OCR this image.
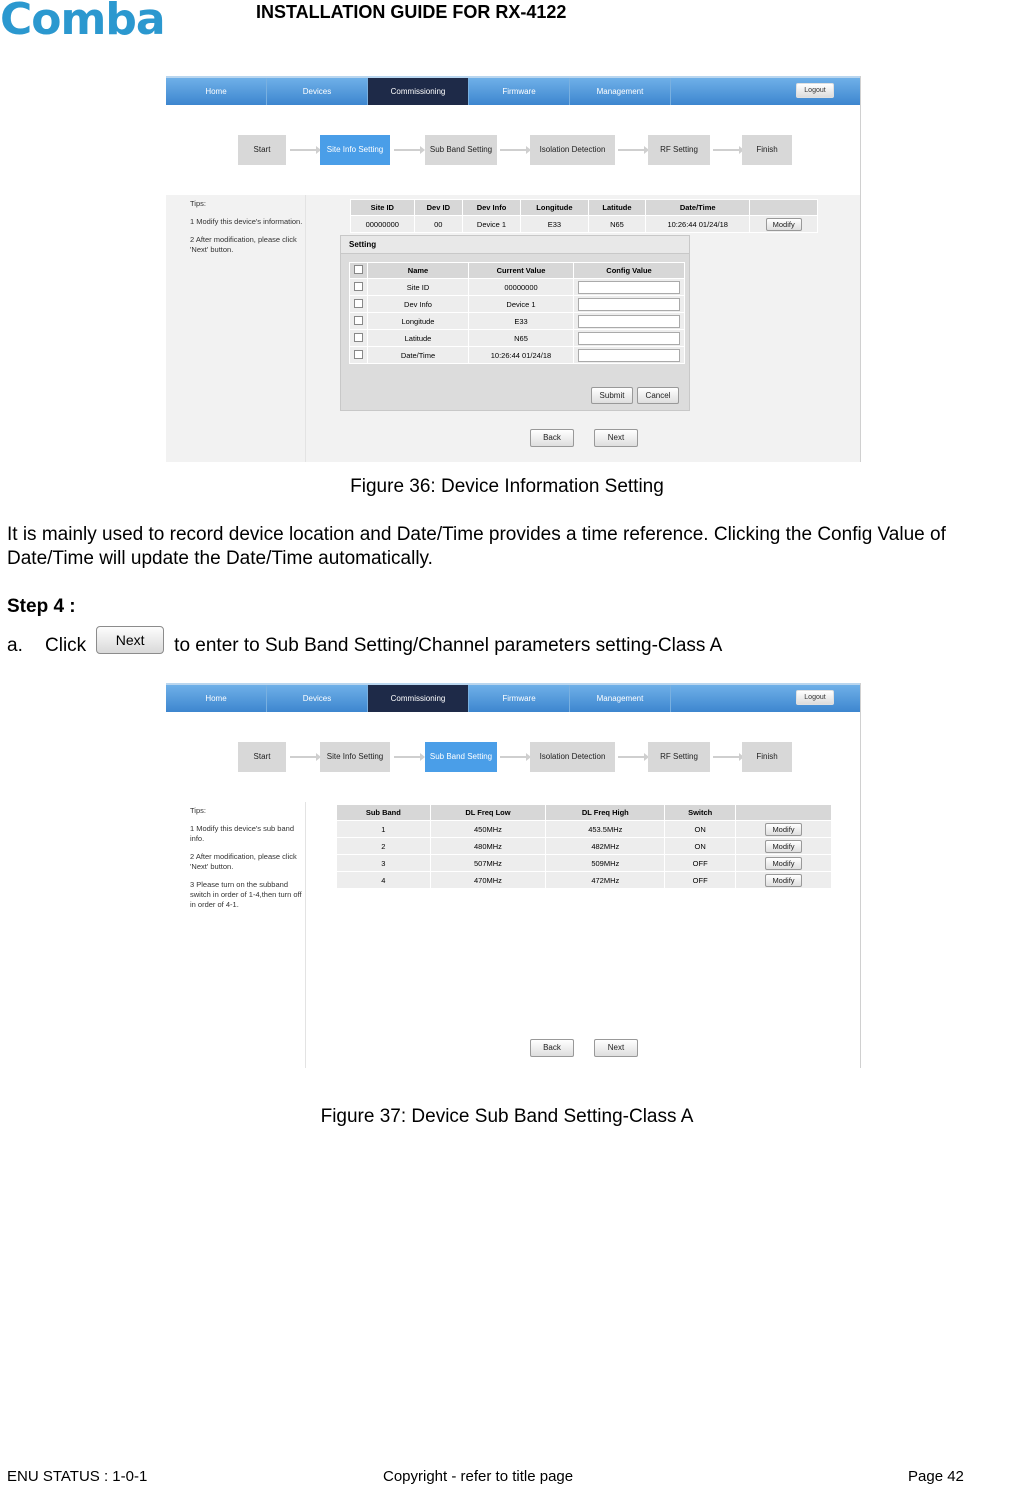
Comba	INSTALLATION GUIDE FOR RX-4122
Home	Devices	Commissioning	Firmware	Management	Logout
Start	Site Info Setting	Sub Band Setting	Isolation Detection	RF Setting	Finish

Tips:

1 Modify this device's information.

2 After modification, please click 'Next' button.

Site ID	Dev ID	Dev Info	Longitude	Latitude	Date/Time	
00000000	00	Device 1	E33	N65	10:26:44 01/24/18	Modify
Setting
	Name	Current Value	Config Value
	Site ID	00000000	
	Dev Info	Device 1	
	Longitude	E33	
	Latitude	N65	
	Date/Time	10:26:44 01/24/18	
Submit	Cancel
Back	Next
Figure 36: Device Information Setting
It is mainly used to record device location and Date/Time provides a time reference. Clicking the Config Value of Date/Time will update the Date/Time automatically.
Step 4 :
a.	Click	Next	to enter to Sub Band Setting/Channel parameters setting-Class A
Home	Devices	Commissioning	Firmware	Management	Logout
Start	Site Info Setting	Sub Band Setting	Isolation Detection	RF Setting	Finish

Tips:

1 Modify this device's sub band info.

2 After modification, please click 'Next' button.

3 Please turn on the subband switch in order of 1-4,then turn off in order of 4-1.

Sub Band	DL Freq Low	DL Freq High	Switch	
1	450MHz	453.5MHz	ON	Modify
2	480MHz	482MHz	ON	Modify
3	507MHz	509MHz	OFF	Modify
4	470MHz	472MHz	OFF	Modify
Back	Next
Figure 37: Device Sub Band Setting-Class A
ENU STATUS : 1-0-1	Copyright - refer to title page	Page 42
